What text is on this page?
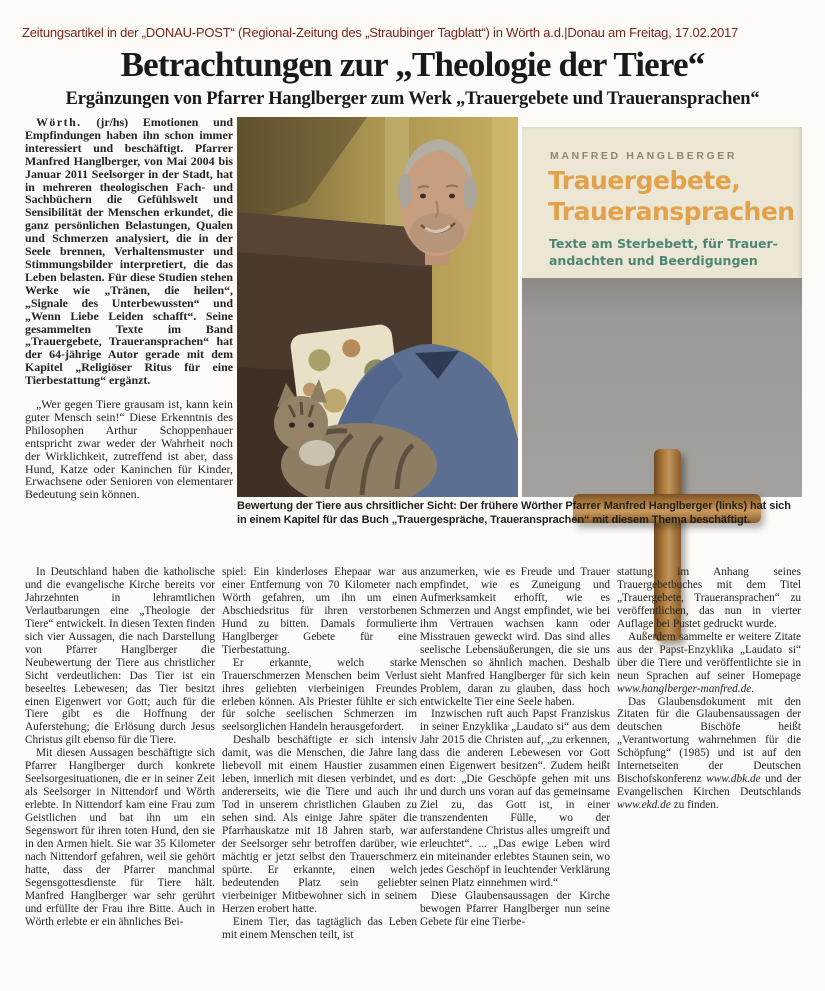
Zeitungsartikel in der „DONAU-POST“ (Regional-Zeitung des „Straubinger Tagblatt“) in Wörth a.d.|Donau am Freitag, 17.02.2017
Betrachtungen zur „Theologie der Tiere“
Ergänzungen von Pfarrer Hanglberger zum Werk „Trauergebete und Traueransprachen“

Wörth. (jr/hs) Emotionen und Empfindungen haben ihn schon immer interessiert und beschäftigt. Pfarrer Manfred Hanglberger, von Mai 2004 bis Januar 2011 Seelsorger in der Stadt, hat in mehreren theologischen Fach- und Sachbüchern die Gefühlswelt und Sensibilität der Menschen erkundet, die ganz persönlichen Belastungen, Qualen und Schmerzen analysiert, die in der Seele brennen, Verhaltensmuster und Stimmungsbilder interpretiert, die das Leben belasten. Für diese Studien stehen Werke wie „Tränen, die heilen“, „Signale des Unterbewussten“ und „Wenn Liebe Leiden schafft“. Seine gesammelten Texte im Band „Trauergebete, Traueransprachen“ hat der 64-jährige Autor gerade mit dem Kapitel „Religiöser Ritus für eine Tierbestattung“ ergänzt.

„Wer gegen Tiere grausam ist, kann kein guter Mensch sein!“ Diese Erkenntnis des Philosophen Arthur Schoppenhauer entspricht zwar weder der Wahrheit noch der Wirklichkeit, zutreffend ist aber, dass Hund, Katze oder Kaninchen für Kinder, Erwachsene oder Senioren von elementarer Bedeutung sein können.

MANFRED HANGLBERGER
Trauergebete,
Traueransprachen
Texte am Sterbebett, für Trauer-
andachten und Beerdigungen
Bewertung der Tiere aus chrsitlicher Sicht: Der frühere Wörther Pfarrer Manfred Hanglberger (links) hat sich in einem Kapitel für das Buch „Trauergespräche, Traueransprachen“ mit diesem Thema beschäftigt.

In Deutschland haben die katholische und die evangelische Kirche bereits vor Jahrzehnten in lehramtlichen Verlautbarungen eine „Theologie der Tiere“ entwickelt. In diesen Texten finden sich vier Aussagen, die nach Darstellung von Pfarrer Hanglberger die Neubewertung der Tiere aus christlicher Sicht verdeutlichen: Das Tier ist ein beseeltes Lebewesen; das Tier besitzt einen Eigenwert vor Gott; auch für die Tiere gibt es die Hoffnung der Auferstehung; die Erlösung durch Jesus Christus gilt ebenso für die Tiere.

Mit diesen Aussagen beschäftigte sich Pfarrer Hanglberger durch konkrete Seelsorgesituationen, die er in seiner Zeit als Seelsorger in Nittendorf und Wörth erlebte. In Nittendorf kam eine Frau zum Geistlichen und bat ihn um ein Segenswort für ihren toten Hund, den sie in den Armen hielt. Sie war 35 Kilometer nach Nittendorf gefahren, weil sie gehört hatte, dass der Pfarrer manchmal Segensgottesdienste für Tiere hält. Manfred Hanglberger war sehr gerührt und erfüllte der Frau ihre Bitte. Auch in Wörth erlebte er ein ähnliches Bei-

spiel: Ein kinderloses Ehepaar war aus einer Entfernung von 70 Kilometer nach Wörth gefahren, um ihn um einen Abschiedsritus für ihren verstorbenen Hund zu bitten. Damals formulierte Hanglberger Gebete für eine Tierbestattung.

Er erkannte, welch starke Trauerschmerzen Menschen beim Verlust ihres geliebten vierbeinigen Freundes erleben können. Als Priester fühlte er sich für solche seelischen Schmerzen im seelsorglichen Handeln herausgefordert.

Deshalb beschäftigte er sich intensiv damit, was die Menschen, die Jahre lang liebevoll mit einem Haustier zusammen leben, innerlich mit diesen verbindet, und andererseits, wie die Tiere und auch ihr Tod in unserem christlichen Glauben zu sehen sind. Als einige Jahre später die Pfarrhauskatze mit 18 Jahren starb, war der Seelsorger sehr betroffen darüber, wie mächtig er jetzt selbst den Trauerschmerz spürte. Er erkannte, einen welch bedeutenden Platz sein geliebter vierbeiniger Mitbewohner sich in seinem Herzen erobert hatte.

Einem Tier, das tagtäglich das Leben mit einem Menschen teilt, ist

anzumerken, wie es Freude und Trauer empfindet, wie es Zuneigung und Aufmerksamkeit erhofft, wie es Schmerzen und Angst empfindet, wie bei ihm Vertrauen wachsen kann oder Misstrauen geweckt wird. Das sind alles seelische Lebensäußerungen, die sie uns Menschen so ähnlich machen. Deshalb sieht Manfred Hanglberger für sich kein Problem, daran zu glauben, dass hoch entwickelte Tier eine Seele haben.

Inzwischen ruft auch Papst Franziskus in seiner Enzyklika „Laudato si“ aus dem Jahr 2015 die Christen auf, „zu erkennen, dass die anderen Lebewesen vor Gott einen Eigenwert besitzen“. Zudem heißt es dort: „Die Geschöpfe gehen mit uns und durch uns voran auf das gemeinsame Ziel zu, das Gott ist, in einer transzendenten Fülle, wo der auferstandene Christus alles umgreift und erleuchtet“. ... „Das ewige Leben wird ein miteinander erlebtes Staunen sein, wo jedes Geschöpf in leuchtender Verklärung seinen Platz einnehmen wird.“

Diese Glaubensaussagen der Kirche bewogen Pfarrer Hanglberger nun seine Gebete für eine Tierbe-

stattung im Anhang seines Trauergebetbuches mit dem Titel „Trauergebete, Traueransprachen“ zu veröffentlichen, das nun in vierter Auflage bei Pustet gedruckt wurde.

Außerdem sammelte er weitere Zitate aus der Papst-Enzyklika „Laudato si“ über die Tiere und veröffentlichte sie in neun Sprachen auf seiner Homepage www.hanglberger-manfred.de.

Das Glaubensdokument mit den Zitaten für die Glaubensaussagen der deutschen Bischöfe heißt „Verantwortung wahrnehmen für die Schöpfung“ (1985) und ist auf den Internetseiten der Deutschen Bischofskonferenz www.dbk.de und der Evangelischen Kirchen Deutschlands www.ekd.de zu finden.
